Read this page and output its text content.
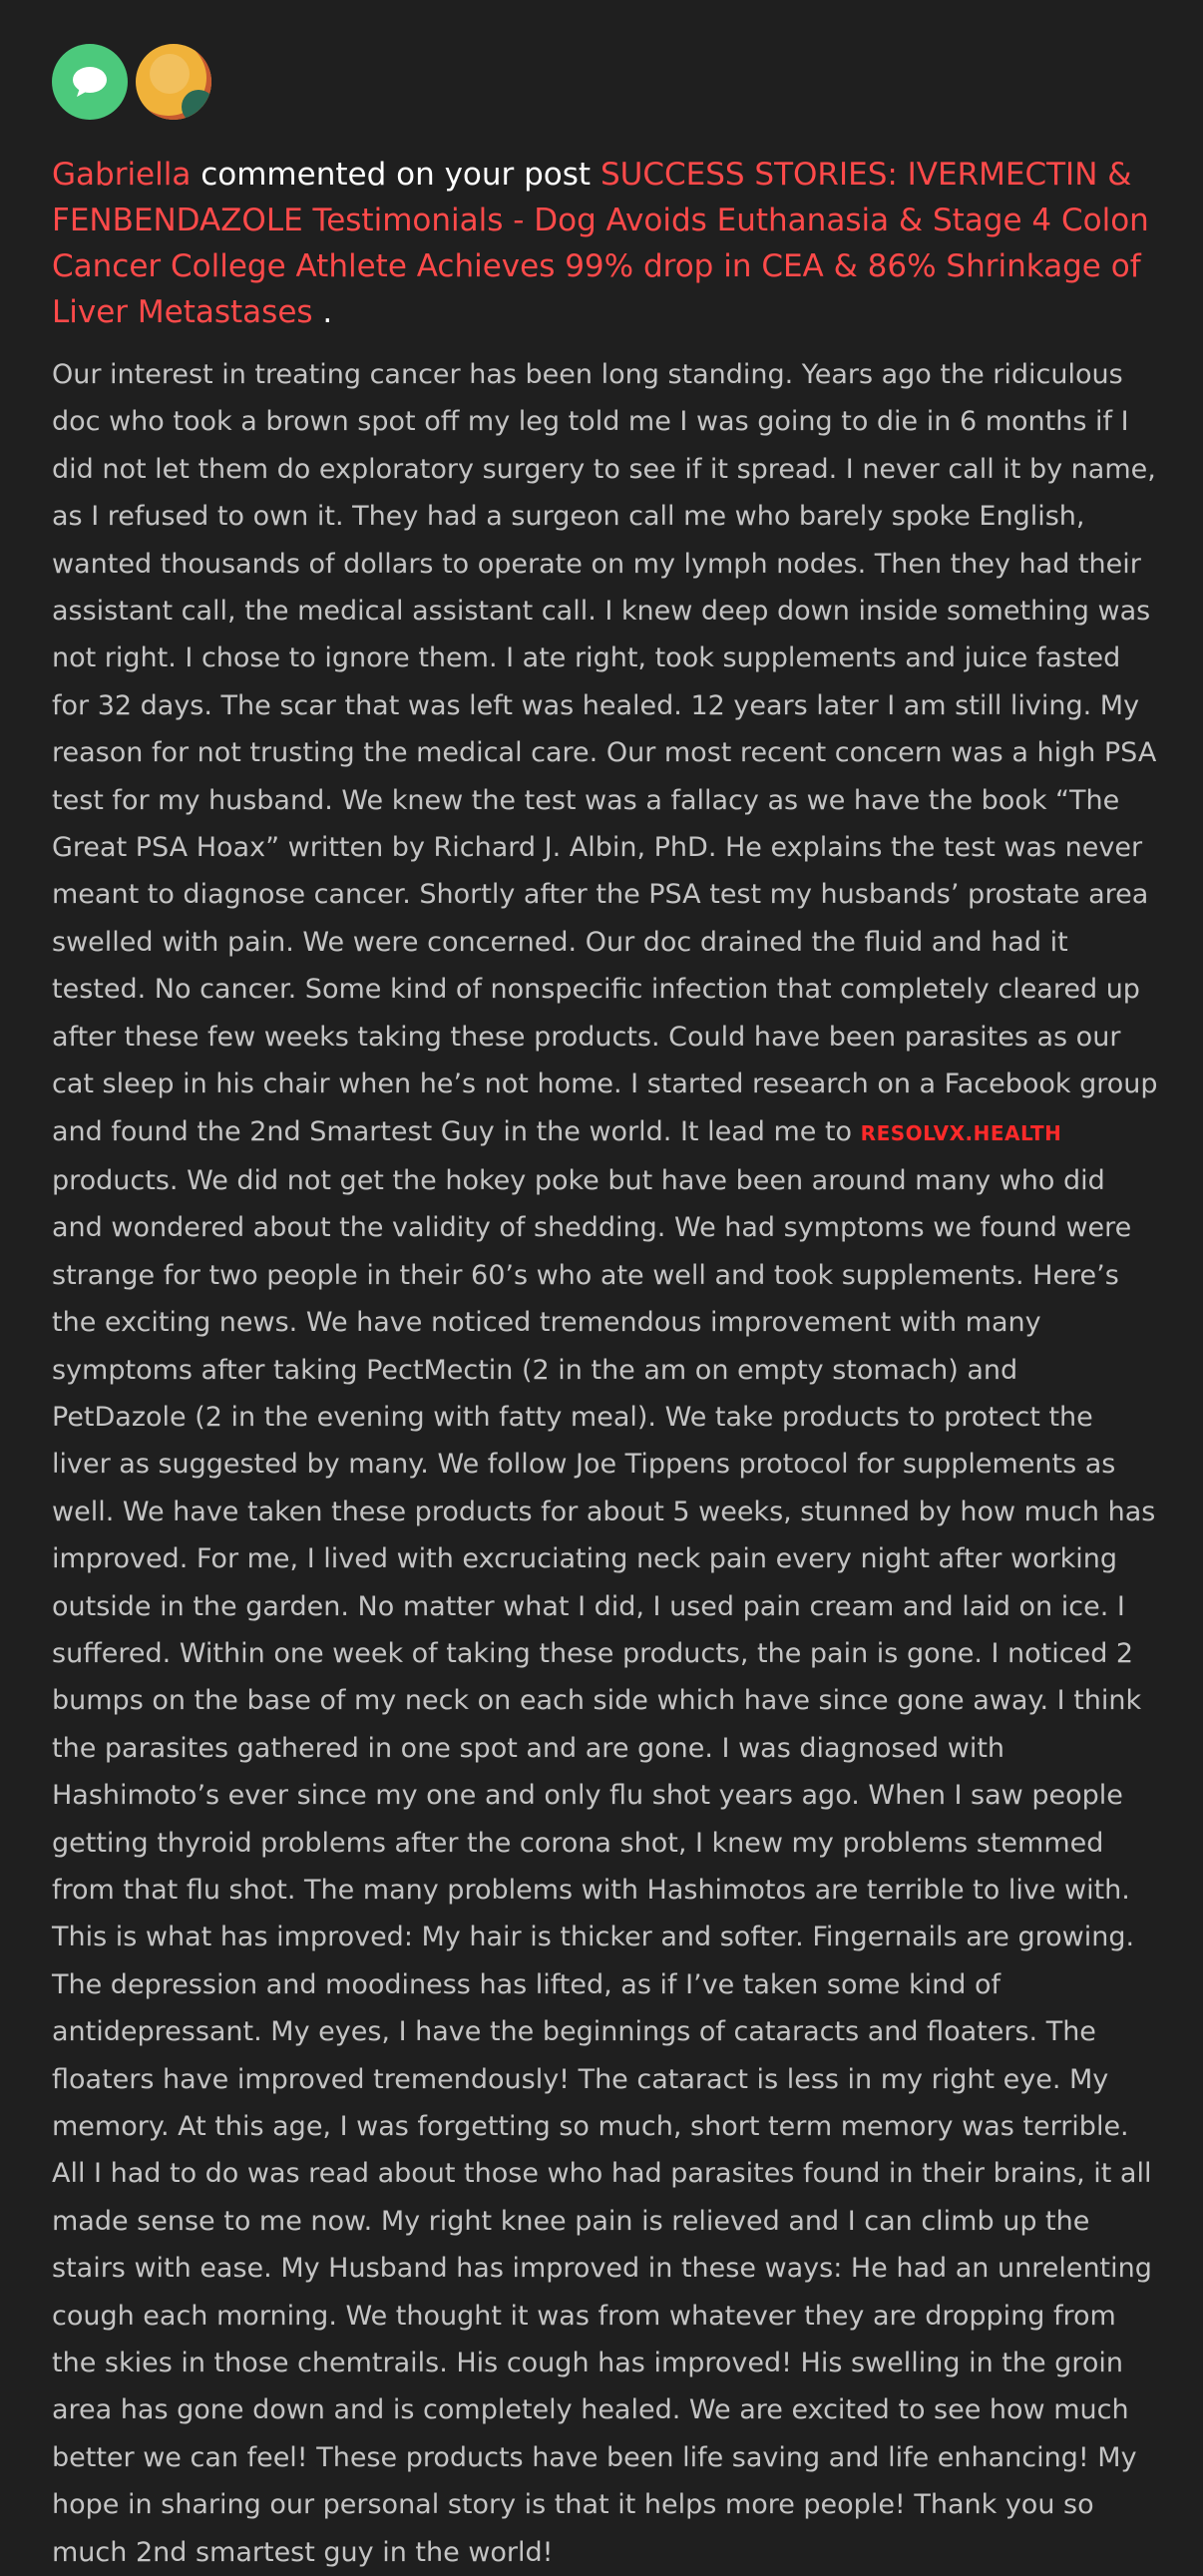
Gabriella commented on your post SUCCESS STORIES: IVERMECTIN & FENBENDAZOLE Testimonials - Dog Avoids Euthanasia & Stage 4 Colon Cancer College Athlete Achieves 99% drop in CEA & 86% Shrinkage of Liver Metastases .
Our interest in treating cancer has been long standing. Years ago the ridiculous doc who took a brown spot off my leg told me I was going to die in 6 months if I did not let them do exploratory surgery to see if it spread. I never call it by name, as I refused to own it. They had a surgeon call me who barely spoke English, wanted thousands of dollars to operate on my lymph nodes. Then they had their assistant call, the medical assistant call. I knew deep down inside something was not right. I chose to ignore them. I ate right, took supplements and juice fasted for 32 days. The scar that was left was healed. 12 years later I am still living. My reason for not trusting the medical care. Our most recent concern was a high PSA test for my husband. We knew the test was a fallacy as we have the book “The Great PSA Hoax” written by Richard J. Albin, PhD. He explains the test was never meant to diagnose cancer. Shortly after the PSA test my husbands’ prostate area swelled with pain. We were concerned. Our doc drained the fluid and had it tested. No cancer. Some kind of nonspecific infection that completely cleared up after these few weeks taking these products. Could have been parasites as our cat sleep in his chair when he’s not home. I started research on a Facebook group and found the 2nd Smartest Guy in the world. It lead me to RESOLVX.HEALTH products. We did not get the hokey poke but have been around many who did and wondered about the validity of shedding. We had symptoms we found were strange for two people in their 60’s who ate well and took supplements. Here’s the exciting news. We have noticed tremendous improvement with many symptoms after taking PectMectin (2 in the am on empty stomach) and PetDazole (2 in the evening with fatty meal). We take products to protect the liver as suggested by many. We follow Joe Tippens protocol for supplements as well. We have taken these products for about 5 weeks, stunned by how much has improved. For me, I lived with excruciating neck pain every night after working outside in the garden. No matter what I did, I used pain cream and laid on ice. I suffered. Within one week of taking these products, the pain is gone. I noticed 2 bumps on the base of my neck on each side which have since gone away. I think the parasites gathered in one spot and are gone. I was diagnosed with Hashimoto’s ever since my one and only flu shot years ago. When I saw people getting thyroid problems after the corona shot, I knew my problems stemmed from that flu shot. The many problems with Hashimotos are terrible to live with. This is what has improved: My hair is thicker and softer. Fingernails are growing. The depression and moodiness has lifted, as if I’ve taken some kind of antidepressant. My eyes, I have the beginnings of cataracts and floaters. The floaters have improved tremendously! The cataract is less in my right eye. My memory. At this age, I was forgetting so much, short term memory was terrible. All I had to do was read about those who had parasites found in their brains, it all made sense to me now. My right knee pain is relieved and I can climb up the stairs with ease. My Husband has improved in these ways: He had an unrelenting cough each morning. We thought it was from whatever they are dropping from the skies in those chemtrails. His cough has improved! His swelling in the groin area has gone down and is completely healed. We are excited to see how much better we can feel! These products have been life saving and life enhancing! My hope in sharing our personal story is that it helps more people! Thank you so much 2nd smartest guy in the world!
